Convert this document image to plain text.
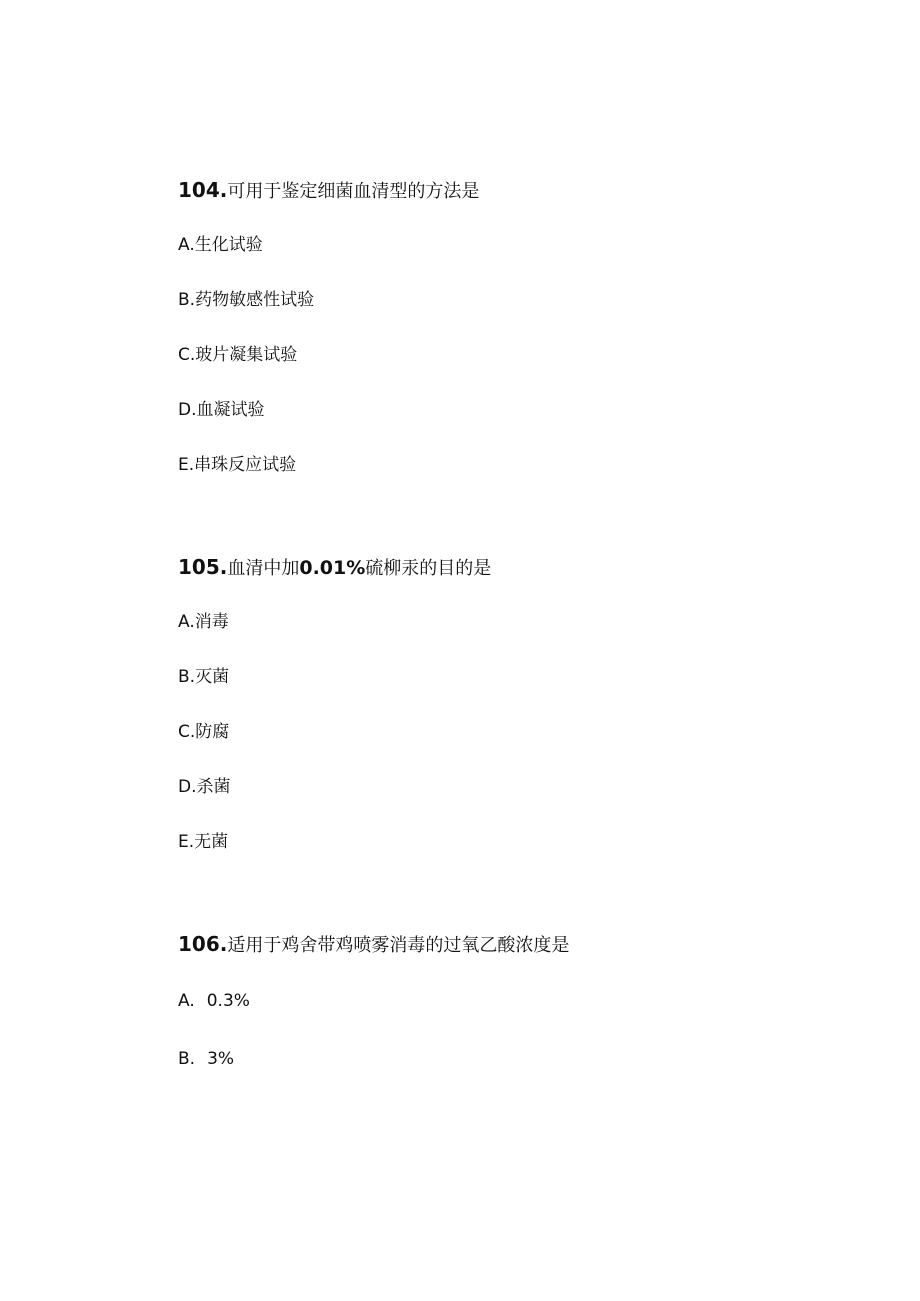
104.可用于鉴定细菌血清型的方法是

A.生化试验

B.药物敏感性试验

C.玻片凝集试验

D.血凝试验

E.串珠反应试验

105.血清中加0.01%硫柳汞的目的是

A.消毒

B.灭菌

C.防腐

D.杀菌

E.无菌

106.适用于鸡舍带鸡喷雾消毒的过氧乙酸浓度是

A. 0.3%

B. 3%
